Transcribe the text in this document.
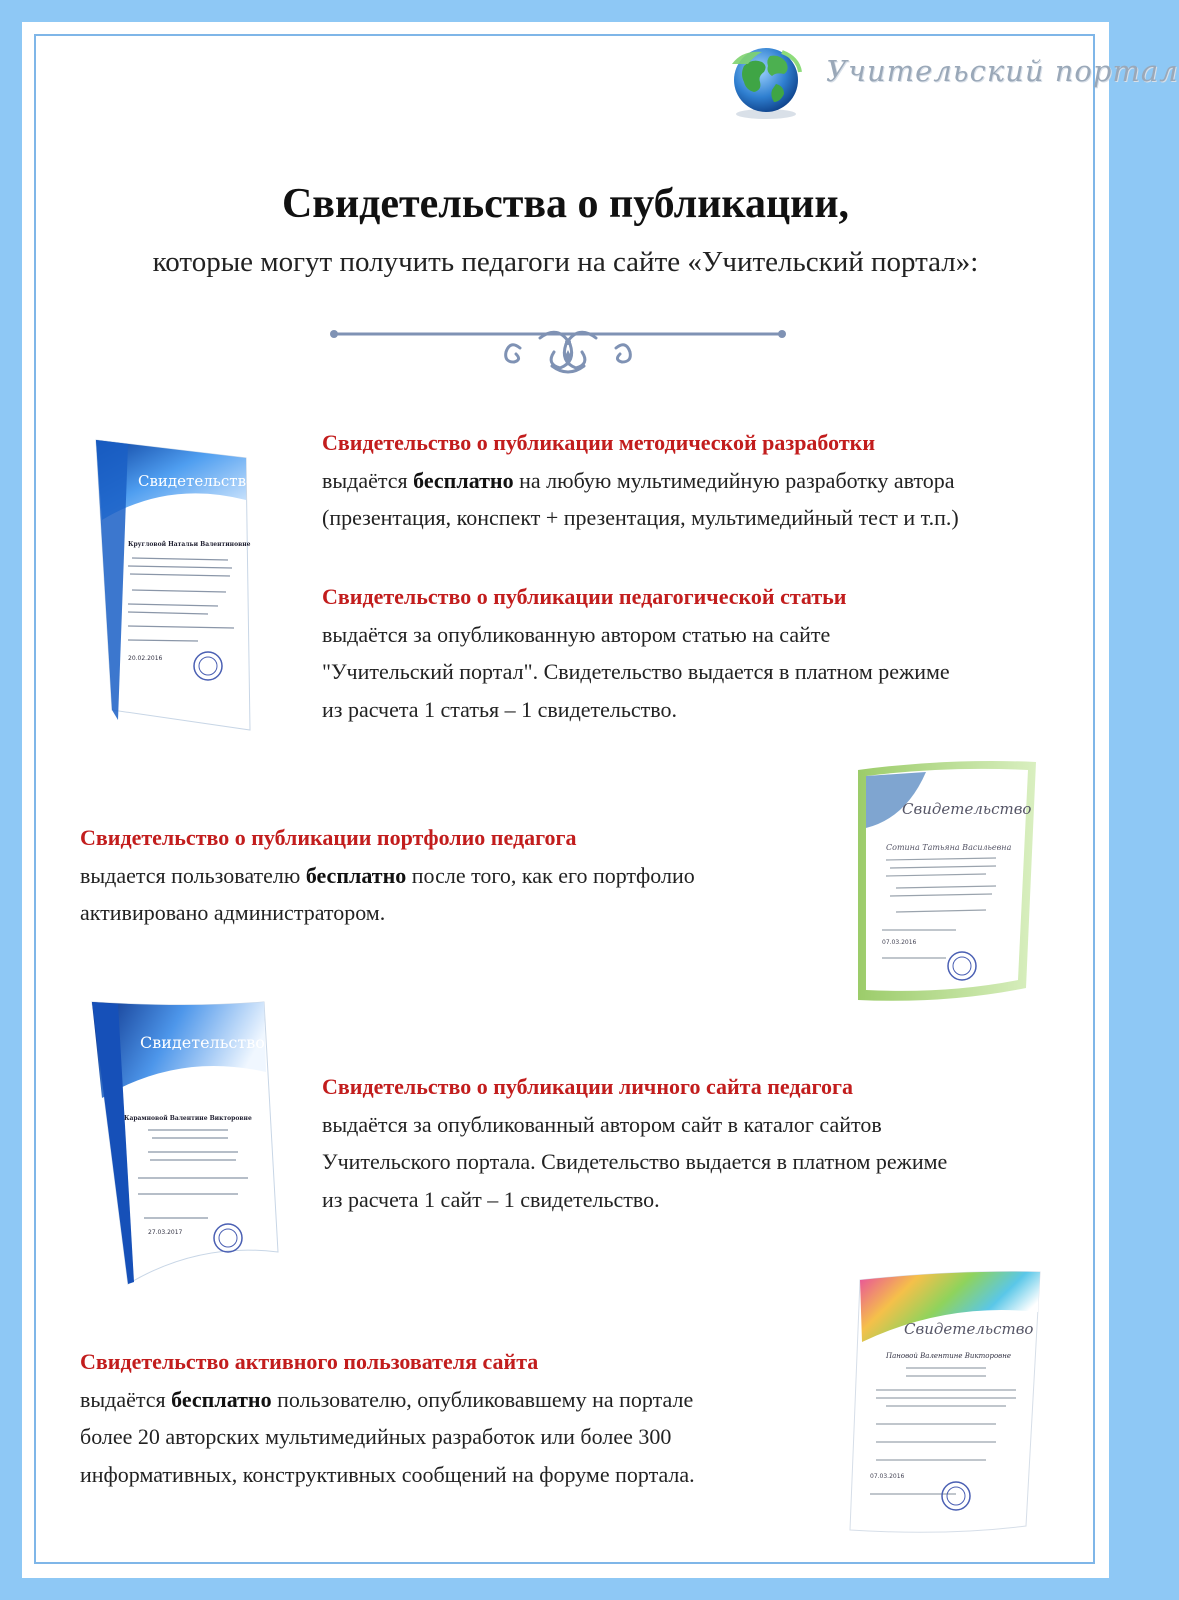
Учительский портал
Свидетельства о публикации,
которые могут получить педагоги на сайте «Учительский портал»:
Свидетельство о публикации методической разработки
выдаётся бесплатно на любую мультимедийную разработку автора
(презентация, конспект + презентация, мультимедийный тест и т.п.)
Свидетельство о публикации педагогической статьи
выдаётся за опубликованную автором статью на сайте
"Учительский портал". Свидетельство выдается в платном режиме
из расчета 1 статья – 1 свидетельство.
Свидетельство о публикации портфолио педагога
выдается пользователю бесплатно после того, как его портфолио
активировано администратором.
Свидетельство о публикации личного сайта педагога
выдаётся за опубликованный автором сайт в каталог сайтов
Учительского портала. Свидетельство выдается в платном режиме
из расчета 1 сайт – 1 свидетельство.
Свидетельство активного пользователя сайта
выдаётся бесплатно пользователю, опубликовавшему на портале
более 20 авторских мультимедийных разработок или более 300
информативных, конструктивных сообщений на форуме портала.
Свидетельство
Кругловой Натальи Валентиновне
20.02.2016
Свидетельство
Сотина Татьяна Васильевна
07.03.2016
Свидетельство
Карамновой Валентине Викторовне
27.03.2017
Свидетельство
Пановой Валентине Викторовне
07.03.2016
